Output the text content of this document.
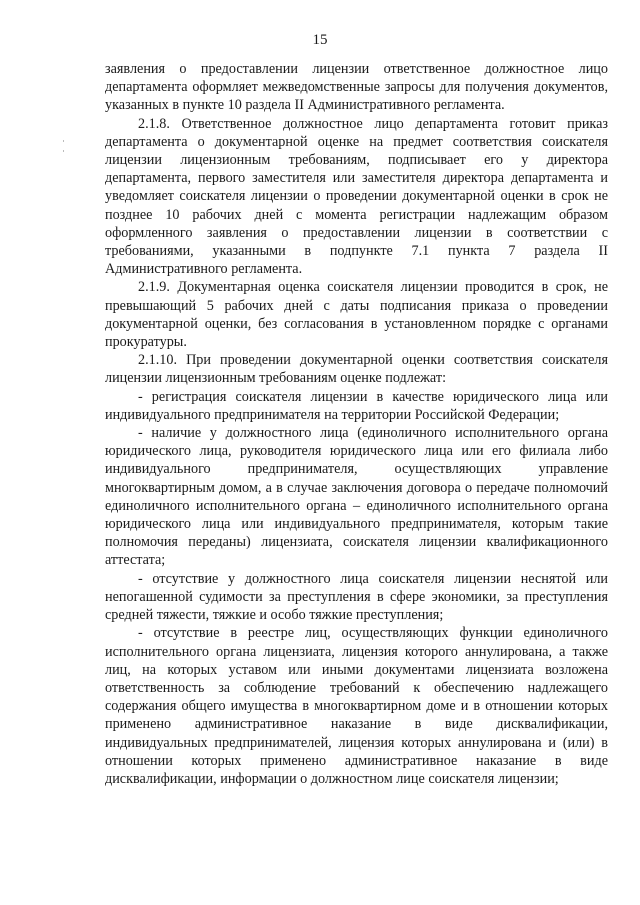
15

заявления о предоставлении лицензии ответственное должностное лицо департамента оформляет межведомственные запросы для получения документов, указанных в пункте 10 раздела II Административного регламента.

2.1.8. Ответственное должностное лицо департамента готовит приказ департамента о документарной оценке на предмет соответствия соискателя лицензии лицензионным требованиям, подписывает его у директора департамента, первого заместителя или заместителя директора департамента и уведомляет соискателя лицензии о проведении документарной оценки в срок не позднее 10 рабочих дней с момента регистрации надлежащим образом оформленного заявления о предоставлении лицензии в соответствии с требованиями, указанными в подпункте 7.1 пункта 7 раздела II Административного регламента.

2.1.9. Документарная оценка соискателя лицензии проводится в срок, не превышающий 5 рабочих дней с даты подписания приказа о проведении документарной оценки, без согласования в установленном порядке с органами прокуратуры.

2.1.10. При проведении документарной оценки соответствия соискателя лицензии лицензионным требованиям оценке подлежат:

- регистрация соискателя лицензии в качестве юридического лица или индивидуального предпринимателя на территории Российской Федерации;

- наличие у должностного лица (единоличного исполнительного органа юридического лица, руководителя юридического лица или его филиала либо индивидуального предпринимателя, осуществляющих управление многоквартирным домом, а в случае заключения договора о передаче полномочий единоличного исполнительного органа – единоличного исполнительного органа юридического лица или индивидуального предпринимателя, которым такие полномочия переданы) лицензиата, соискателя лицензии квалификационного аттестата;

- отсутствие у должностного лица соискателя лицензии неснятой или непогашенной судимости за преступления в сфере экономики, за преступления средней тяжести, тяжкие и особо тяжкие преступления;

- отсутствие в реестре лиц, осуществляющих функции единоличного исполнительного органа лицензиата, лицензия которого аннулирована, а также лиц, на которых уставом или иными документами лицензиата возложена ответственность за соблюдение требований к обеспечению надлежащего содержания общего имущества в многоквартирном доме и в отношении которых применено административное наказание в виде дисквалификации, индивидуальных предпринимателей, лицензия которых аннулирована и (или) в отношении которых применено административное наказание в виде дисквалификации, информации о должностном лице соискателя лицензии;
